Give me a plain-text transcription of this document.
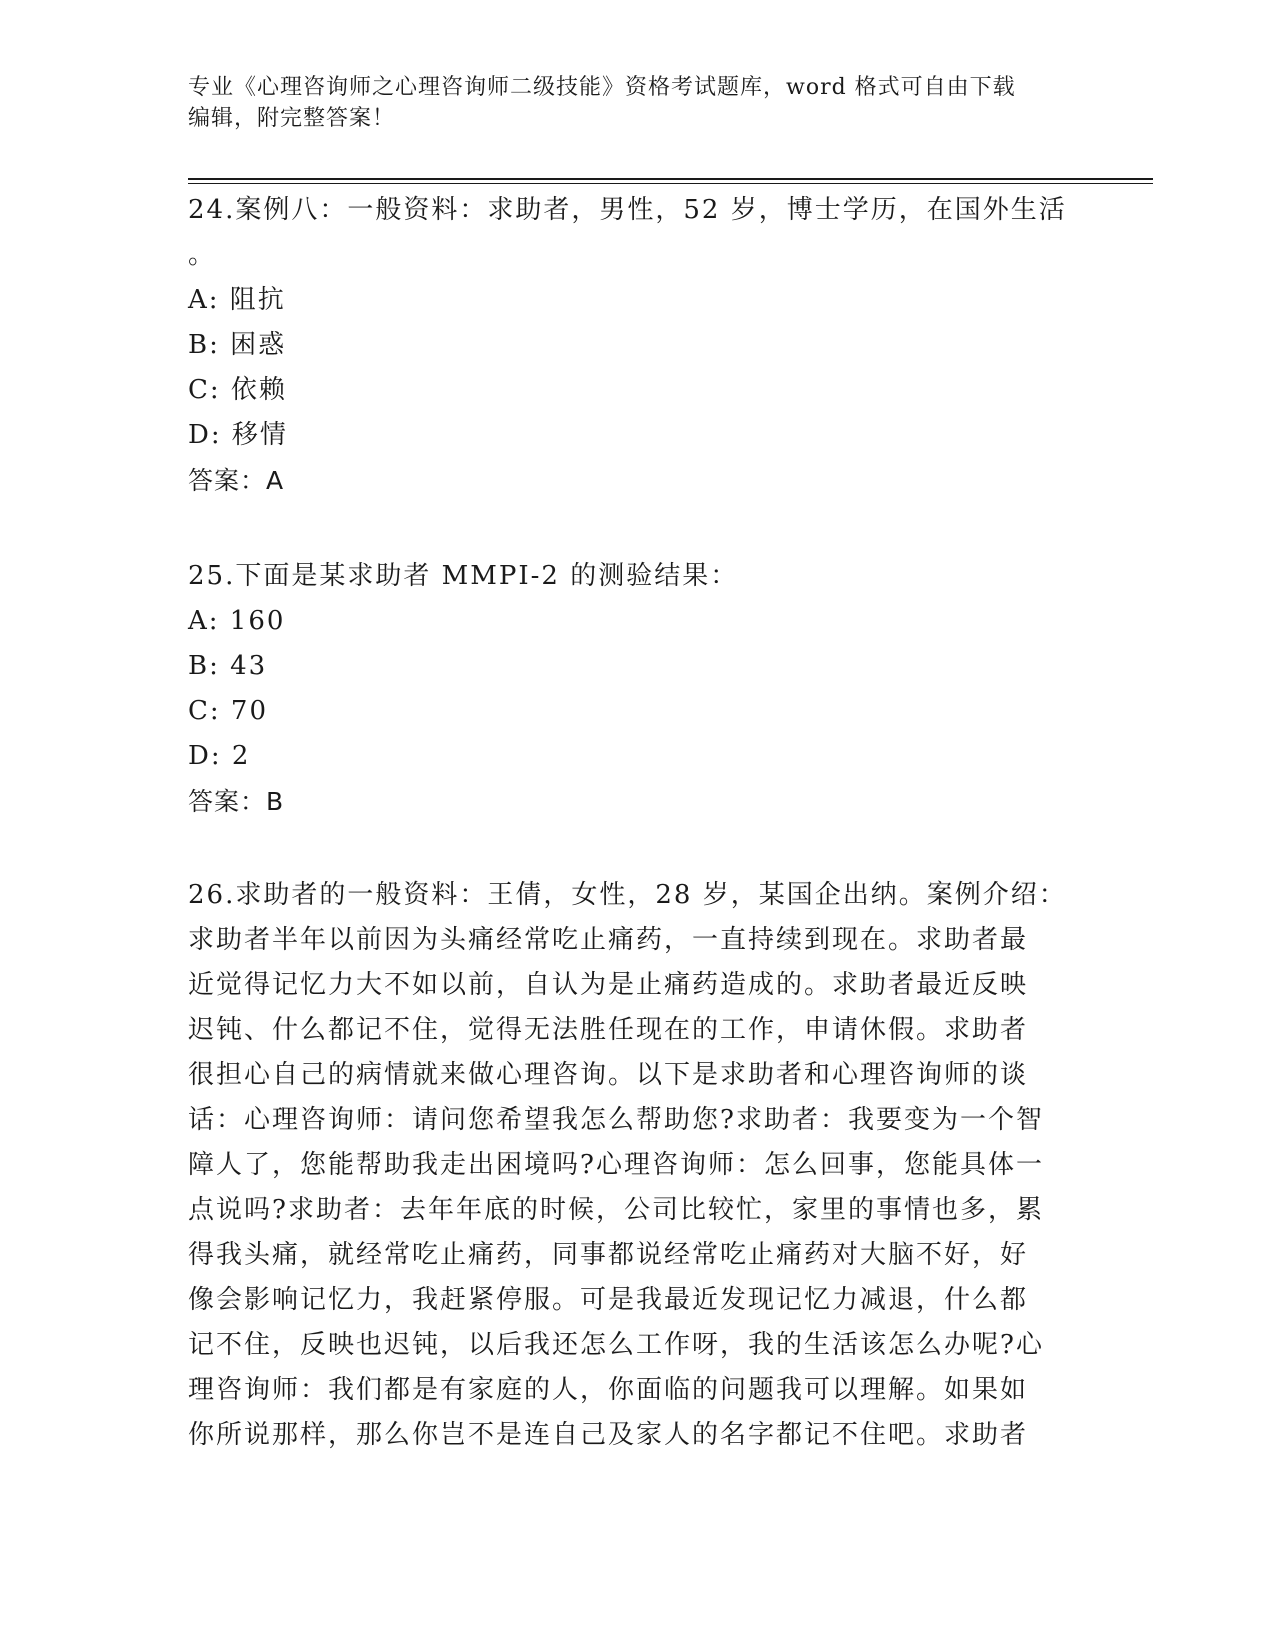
专业《心理咨询师之心理咨询师二级技能》资格考试题库，word 格式可自由下载
编辑，附完整答案！

24.案例八：一般资料：求助者，男性，52 岁，博士学历，在国外生活

。

A: 阻抗

B: 困惑

C: 依赖

D: 移情

答案：A

25.下面是某求助者 MMPI-2 的测验结果：

A: 160

B: 43

C: 70

D: 2

答案：B

26.求助者的一般资料：王倩，女性，28 岁，某国企出纳。案例介绍：

求助者半年以前因为头痛经常吃止痛药，一直持续到现在。求助者最

近觉得记忆力大不如以前，自认为是止痛药造成的。求助者最近反映

迟钝、什么都记不住，觉得无法胜任现在的工作，申请休假。求助者

很担心自己的病情就来做心理咨询。以下是求助者和心理咨询师的谈

话：心理咨询师：请问您希望我怎么帮助您?求助者：我要变为一个智

障人了，您能帮助我走出困境吗?心理咨询师：怎么回事，您能具体一

点说吗?求助者：去年年底的时候，公司比较忙，家里的事情也多，累

得我头痛，就经常吃止痛药，同事都说经常吃止痛药对大脑不好，好

像会影响记忆力，我赶紧停服。可是我最近发现记忆力减退，什么都

记不住，反映也迟钝，以后我还怎么工作呀，我的生活该怎么办呢?心

理咨询师：我们都是有家庭的人，你面临的问题我可以理解。如果如

你所说那样，那么你岂不是连自己及家人的名字都记不住吧。求助者
